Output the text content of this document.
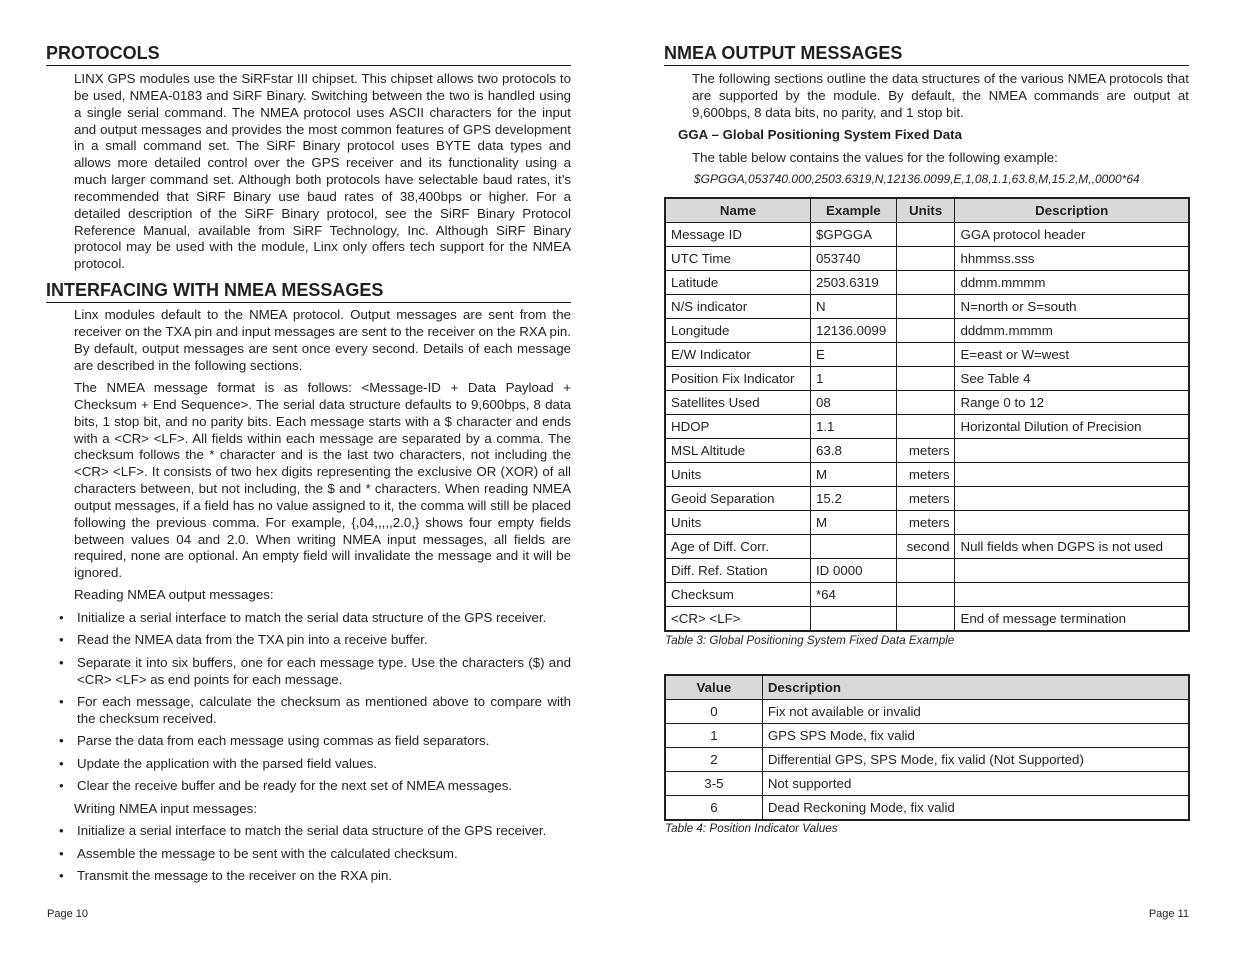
PROTOCOLS

LINX GPS modules use the SiRFstar III chipset. This chipset allows two protocols to be used, NMEA-0183 and SiRF Binary. Switching between the two is handled using a single serial command. The NMEA protocol uses ASCII characters for the input and output messages and provides the most common features of GPS development in a small command set. The SiRF Binary protocol uses BYTE data types and allows more detailed control over the GPS receiver and its functionality using a much larger command set. Although both protocols have selectable baud rates, it’s recommended that SiRF Binary use baud rates of 38,400bps or higher. For a detailed description of the SiRF Binary protocol, see the SiRF Binary Protocol Reference Manual, available from SiRF Technology, Inc. Although SiRF Binary protocol may be used with the module, Linx only offers tech support for the NMEA protocol.

INTERFACING WITH NMEA MESSAGES

Linx modules default to the NMEA protocol. Output messages are sent from the receiver on the TXA pin and input messages are sent to the receiver on the RXA pin. By default, output messages are sent once every second. Details of each message are described in the following sections.

The NMEA message format is as follows: <Message-ID + Data Payload + Checksum + End Sequence>. The serial data structure defaults to 9,600bps, 8 data bits, 1 stop bit, and no parity bits. Each message starts with a $ character and ends with a <CR> <LF>. All fields within each message are separated by a comma. The checksum follows the * character and is the last two characters, not including the <CR> <LF>. It consists of two hex digits representing the exclusive OR (XOR) of all characters between, but not including, the $ and * characters. When reading NMEA output messages, if a field has no value assigned to it, the comma will still be placed following the previous comma. For example, {,04,,,,,2.0,} shows four empty fields between values 04 and 2.0. When writing NMEA input messages, all fields are required, none are optional. An empty field will invalidate the message and it will be ignored.

Reading NMEA output messages:

• Initialize a serial interface to match the serial data structure of the GPS receiver.
• Read the NMEA data from the TXA pin into a receive buffer.
• Separate it into six buffers, one for each message type. Use the characters ($) and <CR> <LF> as end points for each message.
• For each message, calculate the checksum as mentioned above to compare with the checksum received.
• Parse the data from each message using commas as field separators.
• Update the application with the parsed field values.
• Clear the receive buffer and be ready for the next set of NMEA messages.

Writing NMEA input messages:

• Initialize a serial interface to match the serial data structure of the GPS receiver.
• Assemble the message to be sent with the calculated checksum.
• Transmit the message to the receiver on the RXA pin.
Page 10
NMEA OUTPUT MESSAGES

The following sections outline the data structures of the various NMEA protocols that are supported by the module. By default, the NMEA commands are output at 9,600bps, 8 data bits, no parity, and 1 stop bit.

GGA – Global Positioning System Fixed Data

The table below contains the values for the following example:

$GPGGA,053740.000,2503.6319,N,12136.0099,E,1,08,1.1,63.8,M,15.2,M,,0000*64

Name	Example	Units	Description
Message ID	$GPGGA		GGA protocol header
UTC Time	053740		hhmmss.sss
Latitude	2503.6319		ddmm.mmmm
N/S indicator	N		N=north or S=south
Longitude	12136.0099		dddmm.mmmm
E/W Indicator	E		E=east or W=west
Position Fix Indicator	1		See Table 4
Satellites Used	08		Range 0 to 12
HDOP	1.1		Horizontal Dilution of Precision
MSL Altitude	63.8	meters	
Units	M	meters	
Geoid Separation	15.2	meters	
Units	M	meters	
Age of Diff. Corr.		second	Null fields when DGPS is not used
Diff. Ref. Station	ID 0000		
Checksum	*64		
<CR> <LF>			End of message termination

Table 3: Global Positioning System Fixed Data Example

Value	Description
0	Fix not available or invalid
1	GPS SPS Mode, fix valid
2	Differential GPS, SPS Mode, fix valid (Not Supported)
3-5	Not supported
6	Dead Reckoning Mode, fix valid

Table 4: Position Indicator Values

Page 11
